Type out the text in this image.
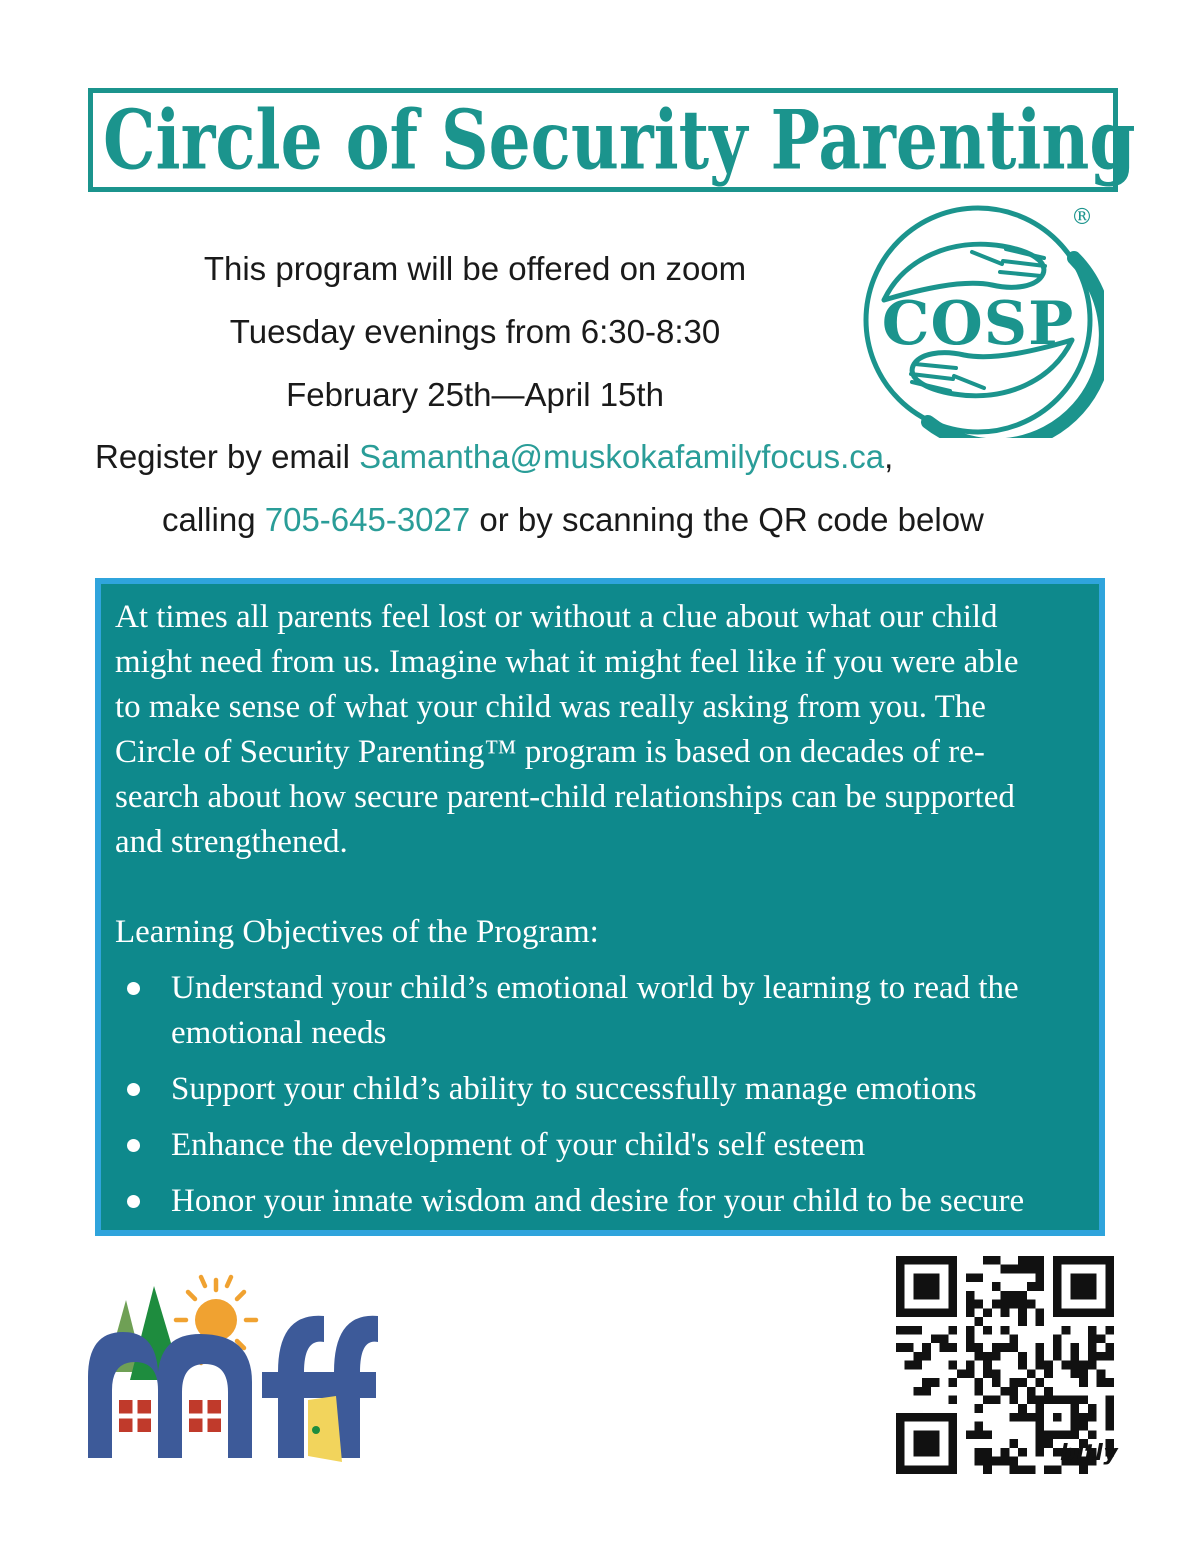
Circle of Security Parenting
COSP
®
This program will be offered on zoom
Tuesday evenings from 6:30-8:30
February 25th—April 15th
Register by email Samantha@muskokafamilyfocus.ca,
calling 705-645-3027 or by scanning the QR code below
At times all parents feel lost or without a clue about what our child
might need from us. Imagine what it might feel like if you were able
to make sense of what your child was really asking from you. The
Circle of Security Parenting™ program is based on decades of re-
search about how secure parent-child relationships can be supported
and strengthened.
Learning Objectives of the Program:
Understand your child’s emotional world by learning to read the emotional needs
Support your child’s ability to successfully manage emotions
Enhance the development of your child's self esteem
Honor your innate wisdom and desire for your child to be secure
bitly
